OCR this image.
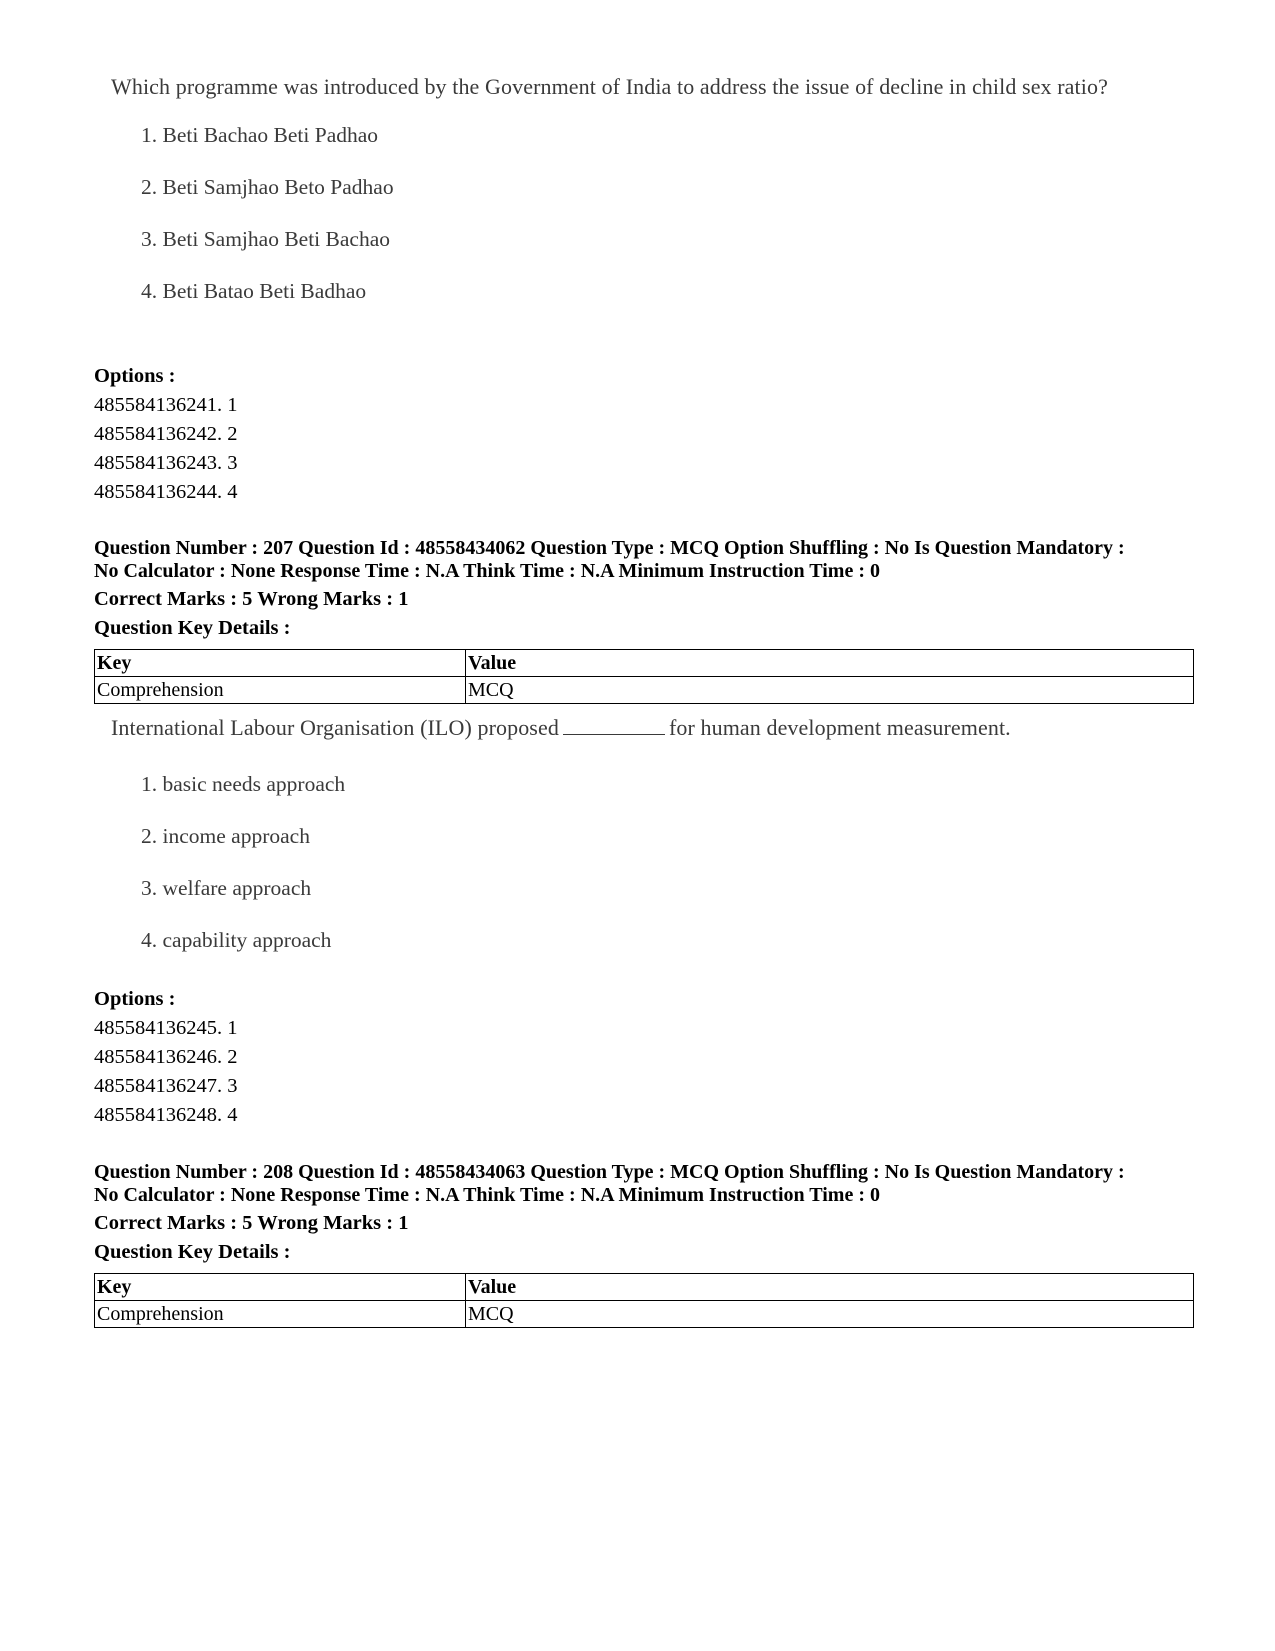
Which programme was introduced by the Government of India to address the issue of decline in child sex ratio?
1. Beti Bachao Beti Padhao
2. Beti Samjhao Beto Padhao
3. Beti Samjhao Beti Bachao
4. Beti Batao Beti Badhao
Options :
485584136241. 1
485584136242. 2
485584136243. 3
485584136244. 4
Question Number : 207 Question Id : 48558434062 Question Type : MCQ Option Shuffling : No Is Question Mandatory :
No Calculator : None Response Time : N.A Think Time : N.A Minimum Instruction Time : 0
Correct Marks : 5 Wrong Marks : 1
Question Key Details :
Key	Value
Comprehension	MCQ
International Labour Organisation (ILO) proposed	for human development measurement.
1. basic needs approach
2. income approach
3. welfare approach
4. capability approach
Options :
485584136245. 1
485584136246. 2
485584136247. 3
485584136248. 4
Question Number : 208 Question Id : 48558434063 Question Type : MCQ Option Shuffling : No Is Question Mandatory :
No Calculator : None Response Time : N.A Think Time : N.A Minimum Instruction Time : 0
Correct Marks : 5 Wrong Marks : 1
Question Key Details :
Key	Value
Comprehension	MCQ
